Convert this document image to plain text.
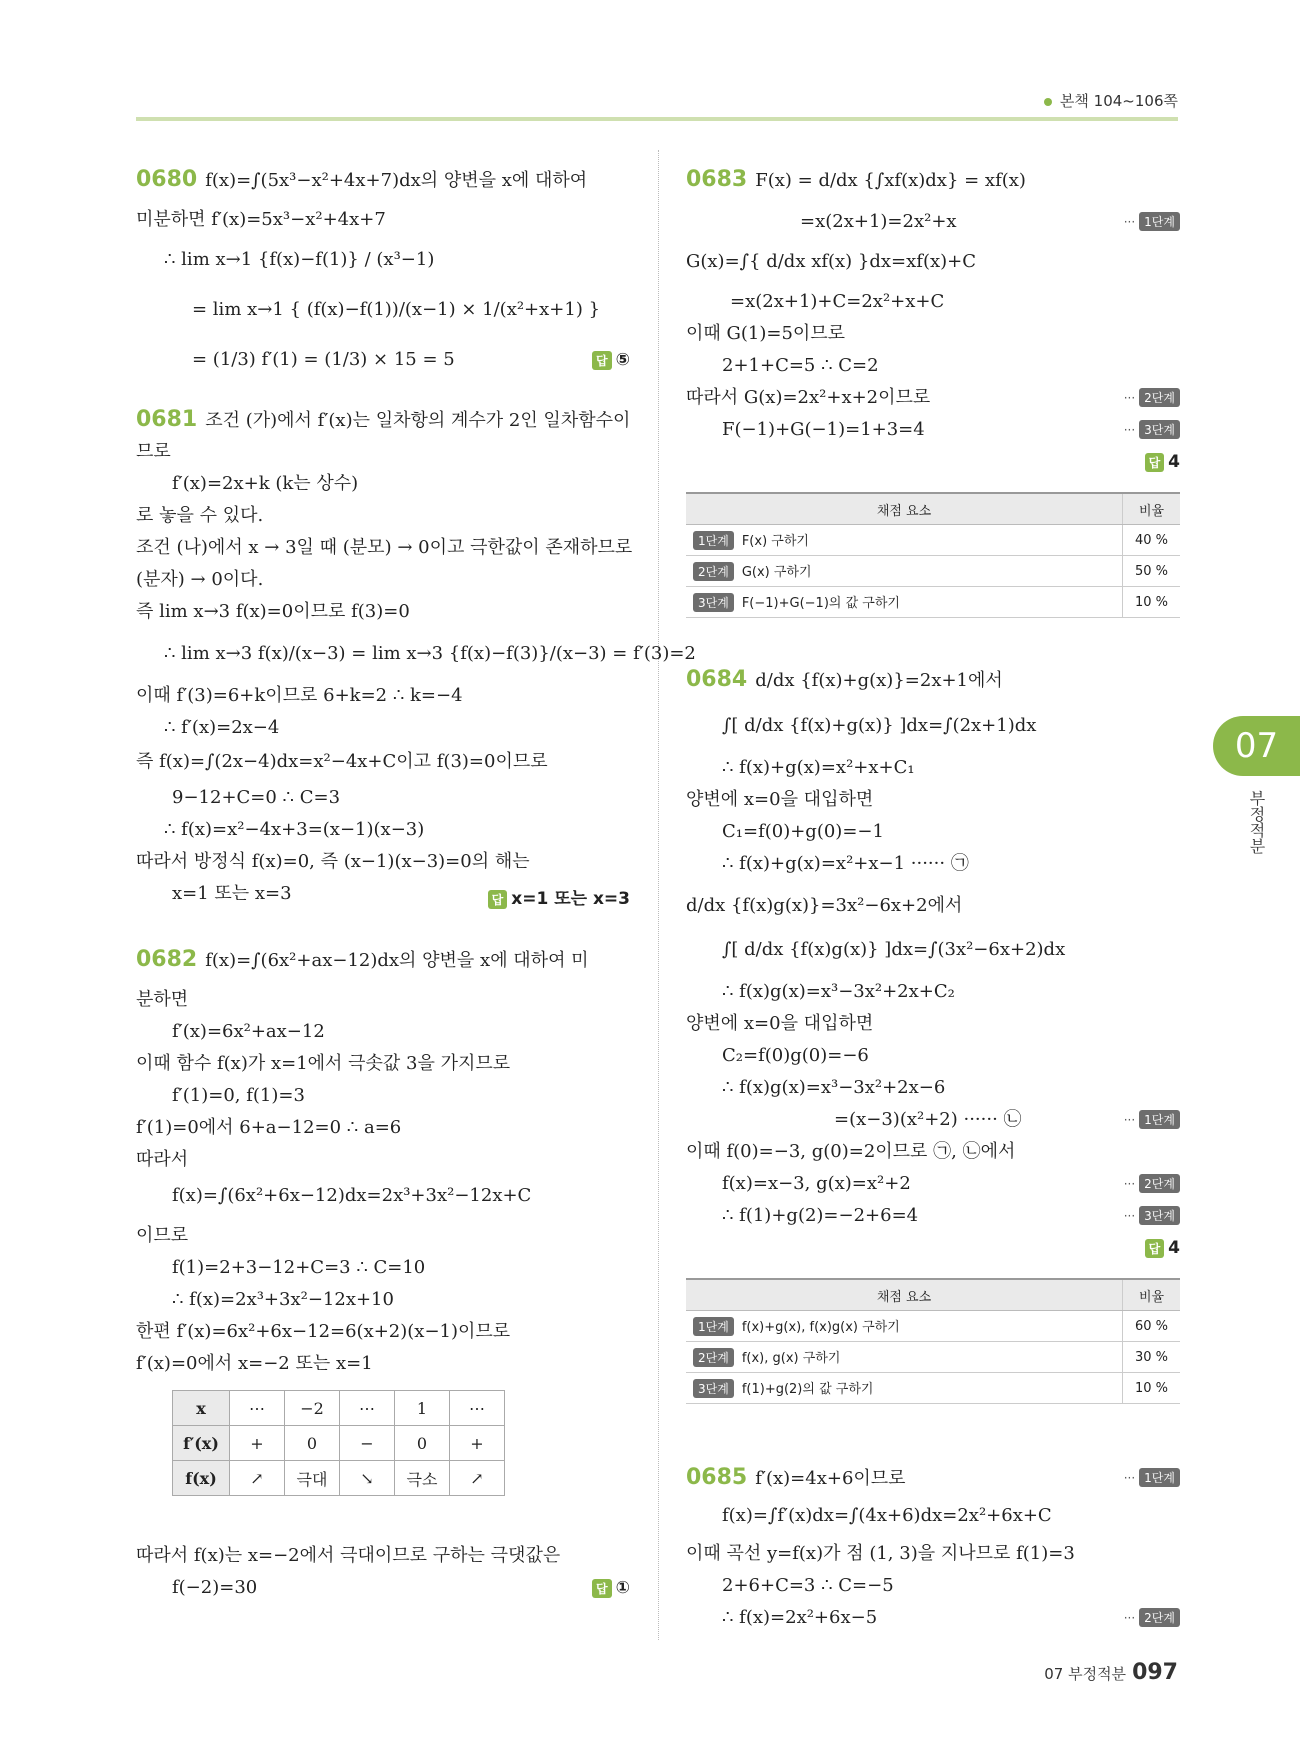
본책 104~106쪽
0680 f(x)=∫(5x³−x²+4x+7)dx의 양변을 x에 대하여
미분하면 f′(x)=5x³−x²+4x+7
∴ lim x→1 {f(x)−f(1)} / (x³−1)
= lim x→1 { (f(x)−f(1))/(x−1) × 1/(x²+x+1) }
= (1/3) f′(1) = (1/3) × 15 = 5	답 ⑤
0681 조건 (가)에서 f′(x)는 일차항의 계수가 2인 일차함수이
므로
f′(x)=2x+k (k는 상수)
로 놓을 수 있다.
조건 (나)에서 x → 3일 때 (분모) → 0이고 극한값이 존재하므로
(분자) → 0이다.
즉 lim x→3 f(x)=0이므로 f(3)=0
∴ lim x→3 f(x)/(x−3) = lim x→3 {f(x)−f(3)}/(x−3) = f′(3)=2
이때 f′(3)=6+k이므로 6+k=2 ∴ k=−4
∴ f′(x)=2x−4
즉 f(x)=∫(2x−4)dx=x²−4x+C이고 f(3)=0이므로
9−12+C=0 ∴ C=3
∴ f(x)=x²−4x+3=(x−1)(x−3)
따라서 방정식 f(x)=0, 즉 (x−1)(x−3)=0의 해는
x=1 또는 x=3	답 x=1 또는 x=3
0682 f(x)=∫(6x²+ax−12)dx의 양변을 x에 대하여 미
분하면
f′(x)=6x²+ax−12
이때 함수 f(x)가 x=1에서 극솟값 3을 가지므로
f′(1)=0, f(1)=3
f′(1)=0에서 6+a−12=0 ∴ a=6
따라서
f(x)=∫(6x²+6x−12)dx=2x³+3x²−12x+C
이므로
f(1)=2+3−12+C=3 ∴ C=10
∴ f(x)=2x³+3x²−12x+10
한편 f′(x)=6x²+6x−12=6(x+2)(x−1)이므로
f′(x)=0에서 x=−2 또는 x=1
x	⋯	−2	⋯	1	⋯
f′(x)	+	0	−	0	+
f(x)	↗	극대	↘	극소	↗
따라서 f(x)는 x=−2에서 극대이므로 구하는 극댓값은
f(−2)=30	답 ①
0683 F(x) = d/dx {∫xf(x)dx} = xf(x)
=x(2x+1)=2x²+x	··· 1단계
G(x)=∫{ d/dx xf(x) }dx=xf(x)+C
=x(2x+1)+C=2x²+x+C
이때 G(1)=5이므로
2+1+C=5 ∴ C=2
따라서 G(x)=2x²+x+2이므로	··· 2단계
F(−1)+G(−1)=1+3=4	··· 3단계
답 4
채점 요소	비율
1단계 F(x) 구하기	40 %
2단계 G(x) 구하기	50 %
3단계 F(−1)+G(−1)의 값 구하기	10 %
0684 d/dx {f(x)+g(x)}=2x+1에서
∫[ d/dx {f(x)+g(x)} ]dx=∫(2x+1)dx
∴ f(x)+g(x)=x²+x+C₁
양변에 x=0을 대입하면
C₁=f(0)+g(0)=−1
∴ f(x)+g(x)=x²+x−1 ······ ㉠
d/dx {f(x)g(x)}=3x²−6x+2에서
∫[ d/dx {f(x)g(x)} ]dx=∫(3x²−6x+2)dx
∴ f(x)g(x)=x³−3x²+2x+C₂
양변에 x=0을 대입하면
C₂=f(0)g(0)=−6
∴ f(x)g(x)=x³−3x²+2x−6
=(x−3)(x²+2) ······ ㉡	··· 1단계
이때 f(0)=−3, g(0)=2이므로 ㉠, ㉡에서
f(x)=x−3, g(x)=x²+2	··· 2단계
∴ f(1)+g(2)=−2+6=4	··· 3단계
답 4
채점 요소	비율
1단계 f(x)+g(x), f(x)g(x) 구하기	60 %
2단계 f(x), g(x) 구하기	30 %
3단계 f(1)+g(2)의 값 구하기	10 %
0685 f′(x)=4x+6이므로	··· 1단계
f(x)=∫f′(x)dx=∫(4x+6)dx=2x²+6x+C
이때 곡선 y=f(x)가 점 (1, 3)을 지나므로 f(1)=3
2+6+C=3 ∴ C=−5
∴ f(x)=2x²+6x−5	··· 2단계
07
부정적분
07 부정적분 097
